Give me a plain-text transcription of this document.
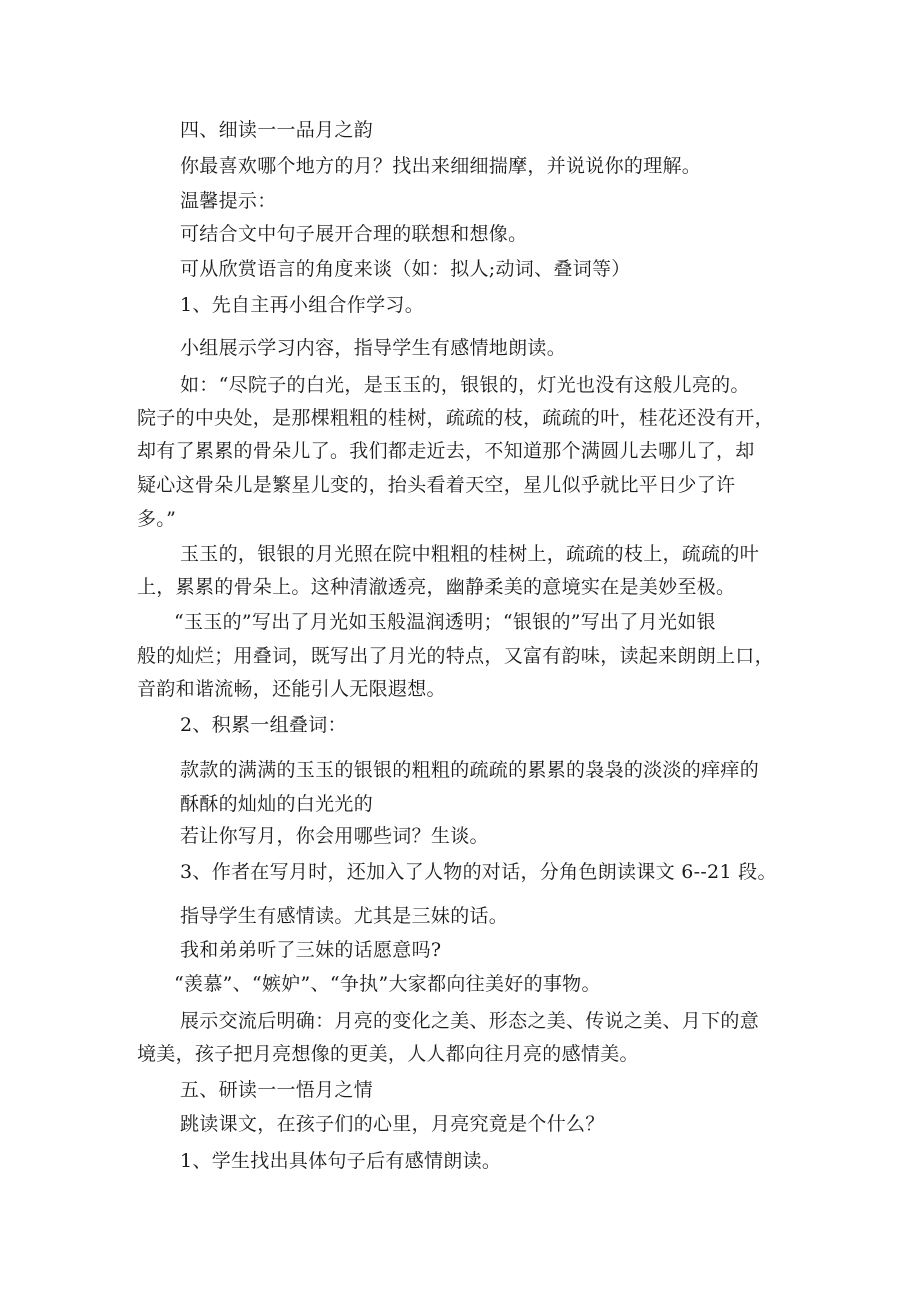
四、细读一一品月之韵
你最喜欢哪个地方的月？找出来细细揣摩，并说说你的理解。
温馨提示：
可结合文中句子展开合理的联想和想像。
可从欣赏语言的角度来谈（如：拟人;动词、叠词等）
1、先自主再小组合作学习。
小组展示学习内容，指导学生有感情地朗读。
如：“尽院子的白光，是玉玉的，银银的，灯光也没有这般儿亮的。
院子的中央处，是那棵粗粗的桂树，疏疏的枝，疏疏的叶，桂花还没有开，
却有了累累的骨朵儿了。我们都走近去，不知道那个满圆儿去哪儿了，却
疑心这骨朵儿是繁星儿变的，抬头看着天空，星儿似乎就比平日少了许
多。”
玉玉的，银银的月光照在院中粗粗的桂树上，疏疏的枝上，疏疏的叶
上，累累的骨朵上。这种清澈透亮，幽静柔美的意境实在是美妙至极。
“玉玉的”写出了月光如玉般温润透明；“银银的”写出了月光如银
般的灿烂；用叠词，既写出了月光的特点，又富有韵味，读起来朗朗上口，
音韵和谐流畅，还能引人无限遐想。
2、积累一组叠词：
款款的满满的玉玉的银银的粗粗的疏疏的累累的袅袅的淡淡的痒痒的
酥酥的灿灿的白光光的
若让你写月，你会用哪些词？生谈。
3、作者在写月时，还加入了人物的对话，分角色朗读课文 6--21 段。
指导学生有感情读。尤其是三妹的话。
我和弟弟听了三妹的话愿意吗?
“羡慕”、“嫉妒”、“争执”大家都向往美好的事物。
展示交流后明确：月亮的变化之美、形态之美、传说之美、月下的意
境美，孩子把月亮想像的更美，人人都向往月亮的感情美。
五、研读一一悟月之情
跳读课文，在孩子们的心里，月亮究竟是个什么？
1、学生找出具体句子后有感情朗读。
